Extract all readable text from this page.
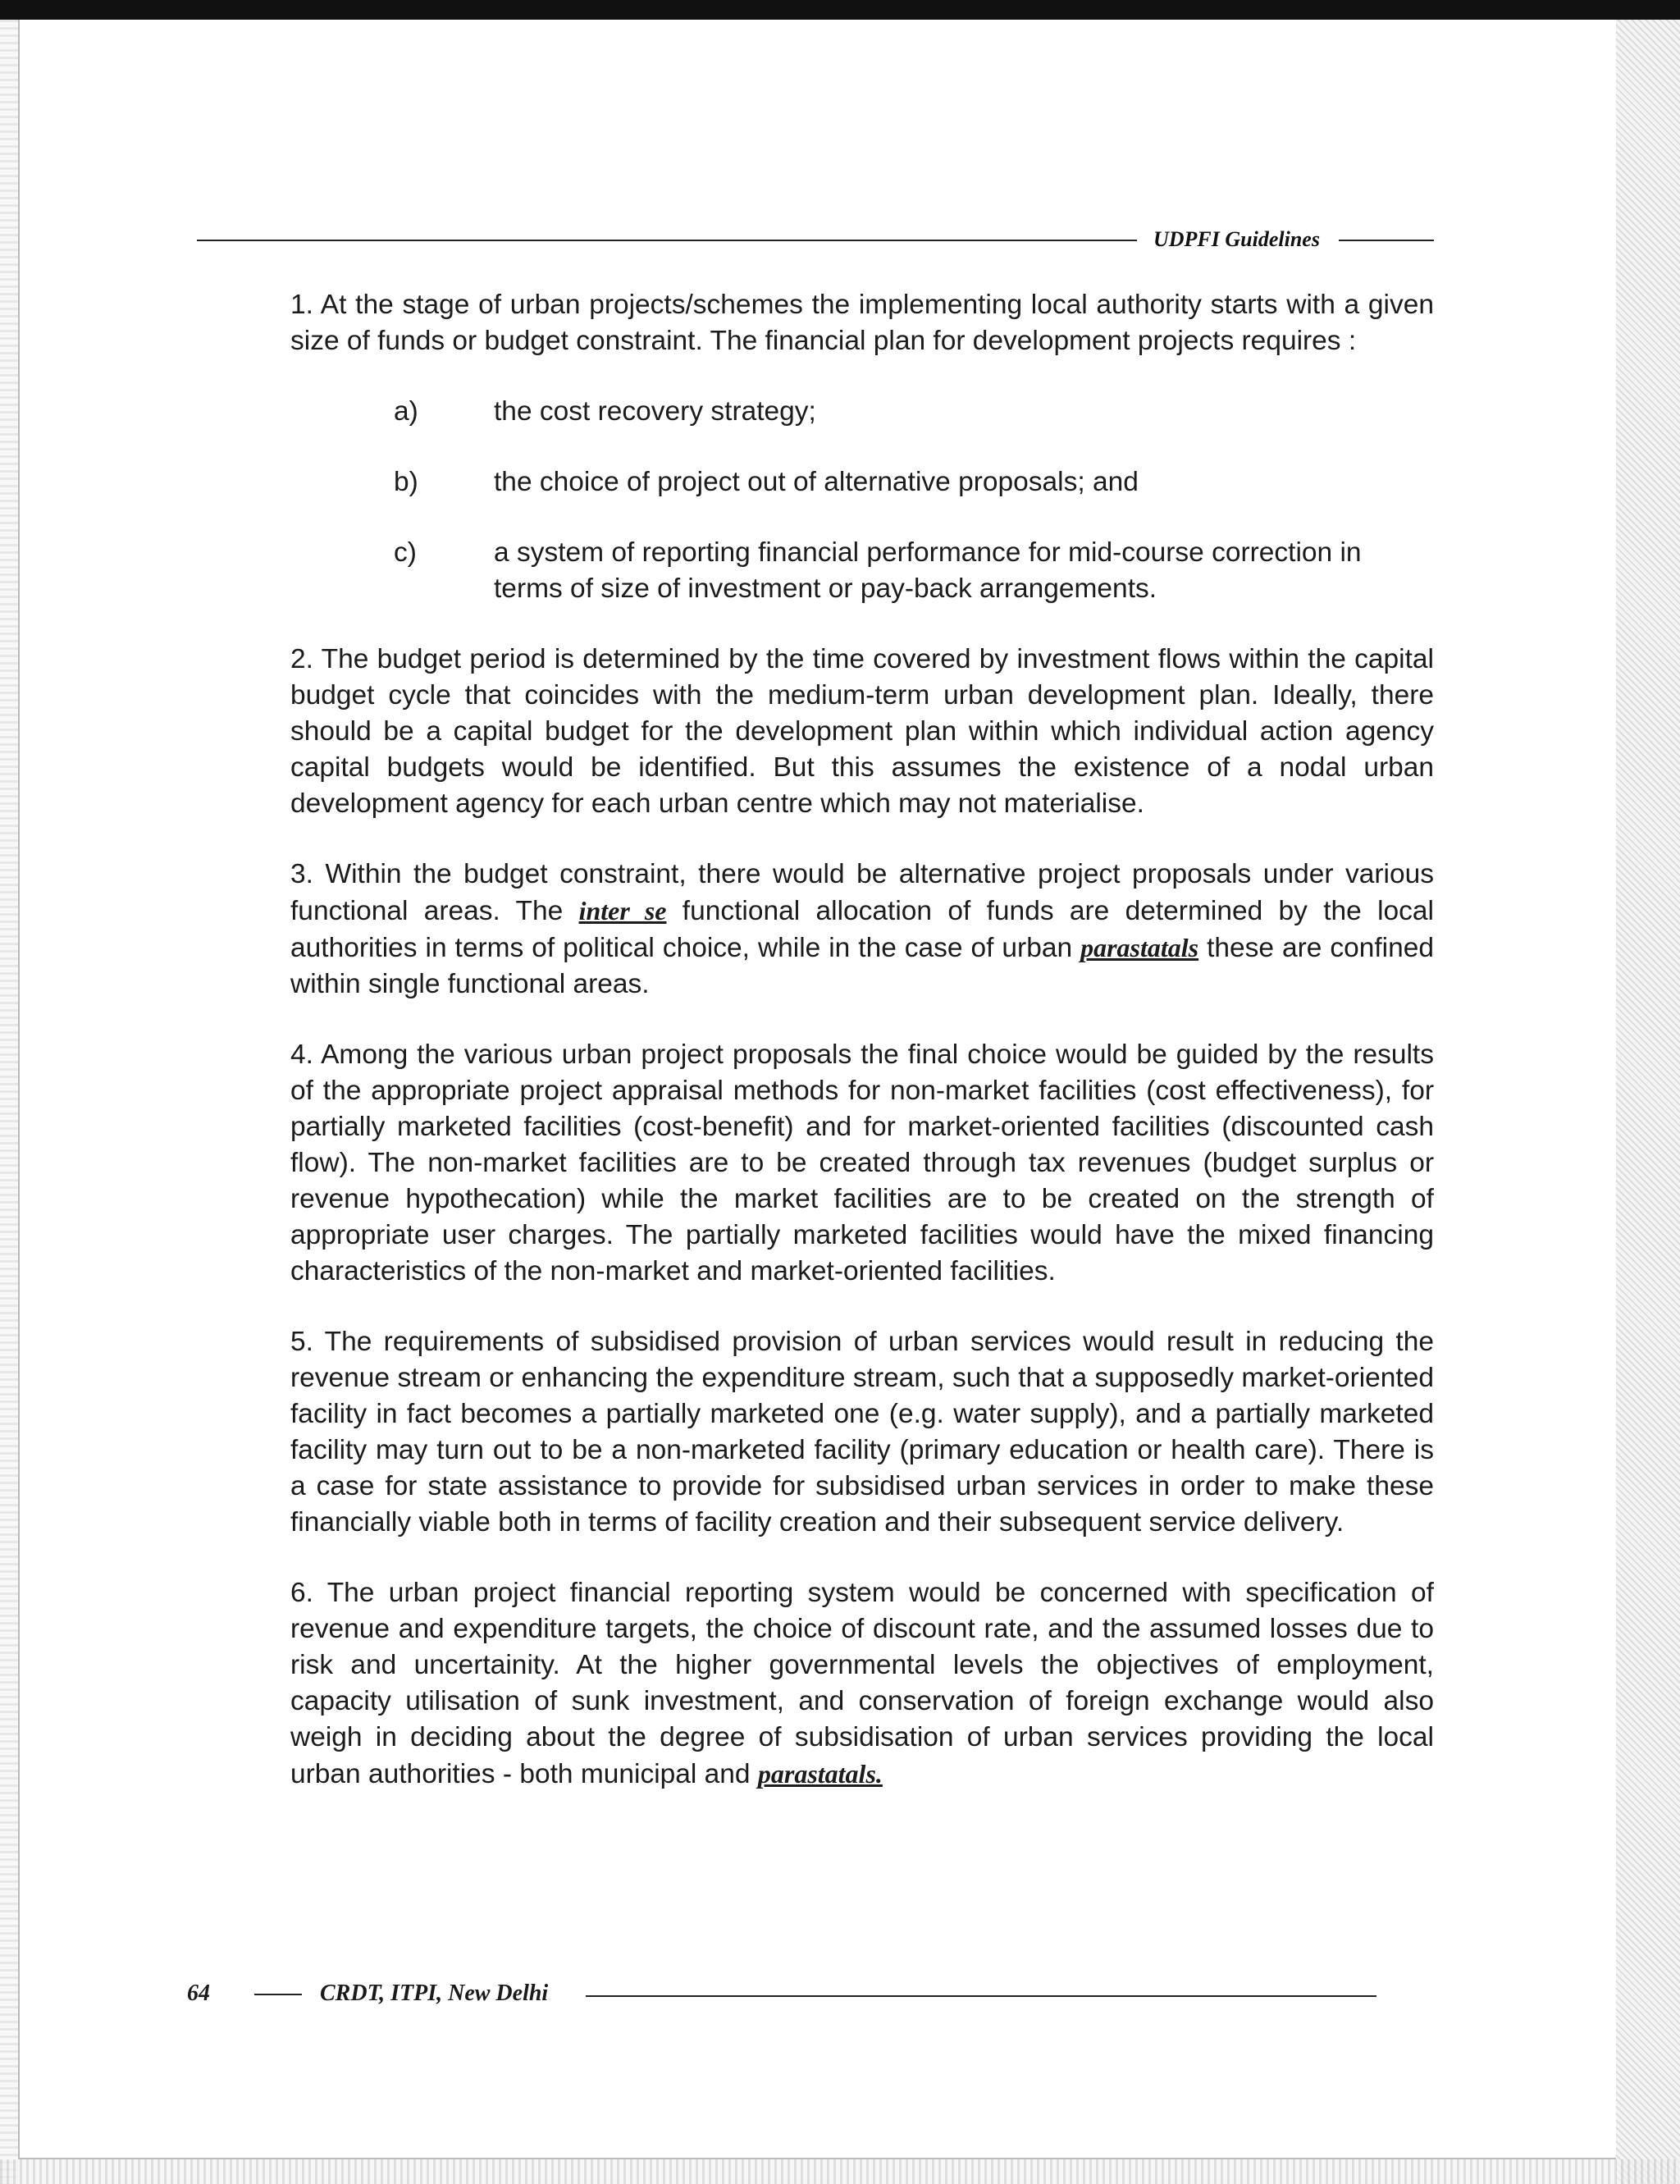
UDPFI Guidelines

1. At the stage of urban projects/schemes the implementing local authority starts with a given size of funds or budget constraint. The financial plan for development projects requires :

a)	the cost recovery strategy;
b)	the choice of project out of alternative proposals; and
c)	a system of reporting financial performance for mid-course correction in terms of size of investment or pay-back arrangements.

2. The budget period is determined by the time covered by investment flows within the capital budget cycle that coincides with the medium-term urban development plan. Ideally, there should be a capital budget for the development plan within which individual action agency capital budgets would be identified. But this assumes the existence of a nodal urban development agency for each urban centre which may not materialise.

3. Within the budget constraint, there would be alternative project proposals under various functional areas. The inter se functional allocation of funds are determined by the local authorities in terms of political choice, while in the case of urban parastatals these are confined within single functional areas.

4. Among the various urban project proposals the final choice would be guided by the results of the appropriate project appraisal methods for non-market facilities (cost effectiveness), for partially marketed facilities (cost-benefit) and for market-oriented facilities (discounted cash flow). The non-market facilities are to be created through tax revenues (budget surplus or revenue hypothecation) while the market facilities are to be created on the strength of appropriate user charges. The partially marketed facilities would have the mixed financing characteristics of the non-market and market-oriented facilities.

5. The requirements of subsidised provision of urban services would result in reducing the revenue stream or enhancing the expenditure stream, such that a supposedly market-oriented facility in fact becomes a partially marketed one (e.g. water supply), and a partially marketed facility may turn out to be a non-marketed facility (primary education or health care). There is a case for state assistance to provide for subsidised urban services in order to make these financially viable both in terms of facility creation and their subsequent service delivery.

6. The urban project financial reporting system would be concerned with specification of revenue and expenditure targets, the choice of discount rate, and the assumed losses due to risk and uncertainity. At the higher governmental levels the objectives of employment, capacity utilisation of sunk investment, and conservation of foreign exchange would also weigh in deciding about the degree of subsidisation of urban services providing the local urban authorities - both municipal and parastatals.

64	CRDT, ITPI, New Delhi
